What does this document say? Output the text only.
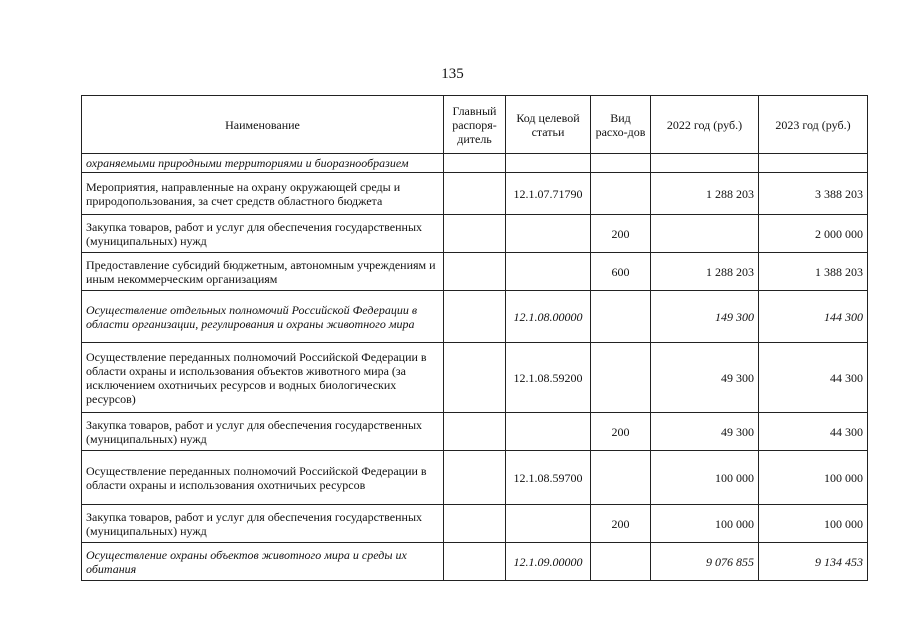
135
Наименование	Главный распоря-дитель	Код целевой статьи	Вид расхо-дов	2022 год (руб.)	2023 год (руб.)
охраняемыми природными территориями и биоразнообразием					
Мероприятия, направленные на охрану окружающей среды и природопользования, за счет средств областного бюджета		12.1.07.71790		1 288 203	3 388 203
Закупка товаров, работ и услуг для обеспечения государственных (муниципальных) нужд			200		2 000 000
Предоставление субсидий бюджетным, автономным учреждениям и иным некоммерческим организациям			600	1 288 203	1 388 203
Осуществление отдельных полномочий Российской Федерации в области организации, регулирования и охраны животного мира		12.1.08.00000		149 300	144 300
Осуществление переданных полномочий Российской Федерации в области охраны и использования объектов животного мира (за исключением охотничьих ресурсов и водных биологических ресурсов)		12.1.08.59200		49 300	44 300
Закупка товаров, работ и услуг для обеспечения государственных (муниципальных) нужд			200	49 300	44 300
Осуществление переданных полномочий Российской Федерации в области охраны и использования охотничьих ресурсов		12.1.08.59700		100 000	100 000
Закупка товаров, работ и услуг для обеспечения государственных (муниципальных) нужд			200	100 000	100 000
Осуществление охраны объектов животного мира и среды их обитания		12.1.09.00000		9 076 855	9 134 453
